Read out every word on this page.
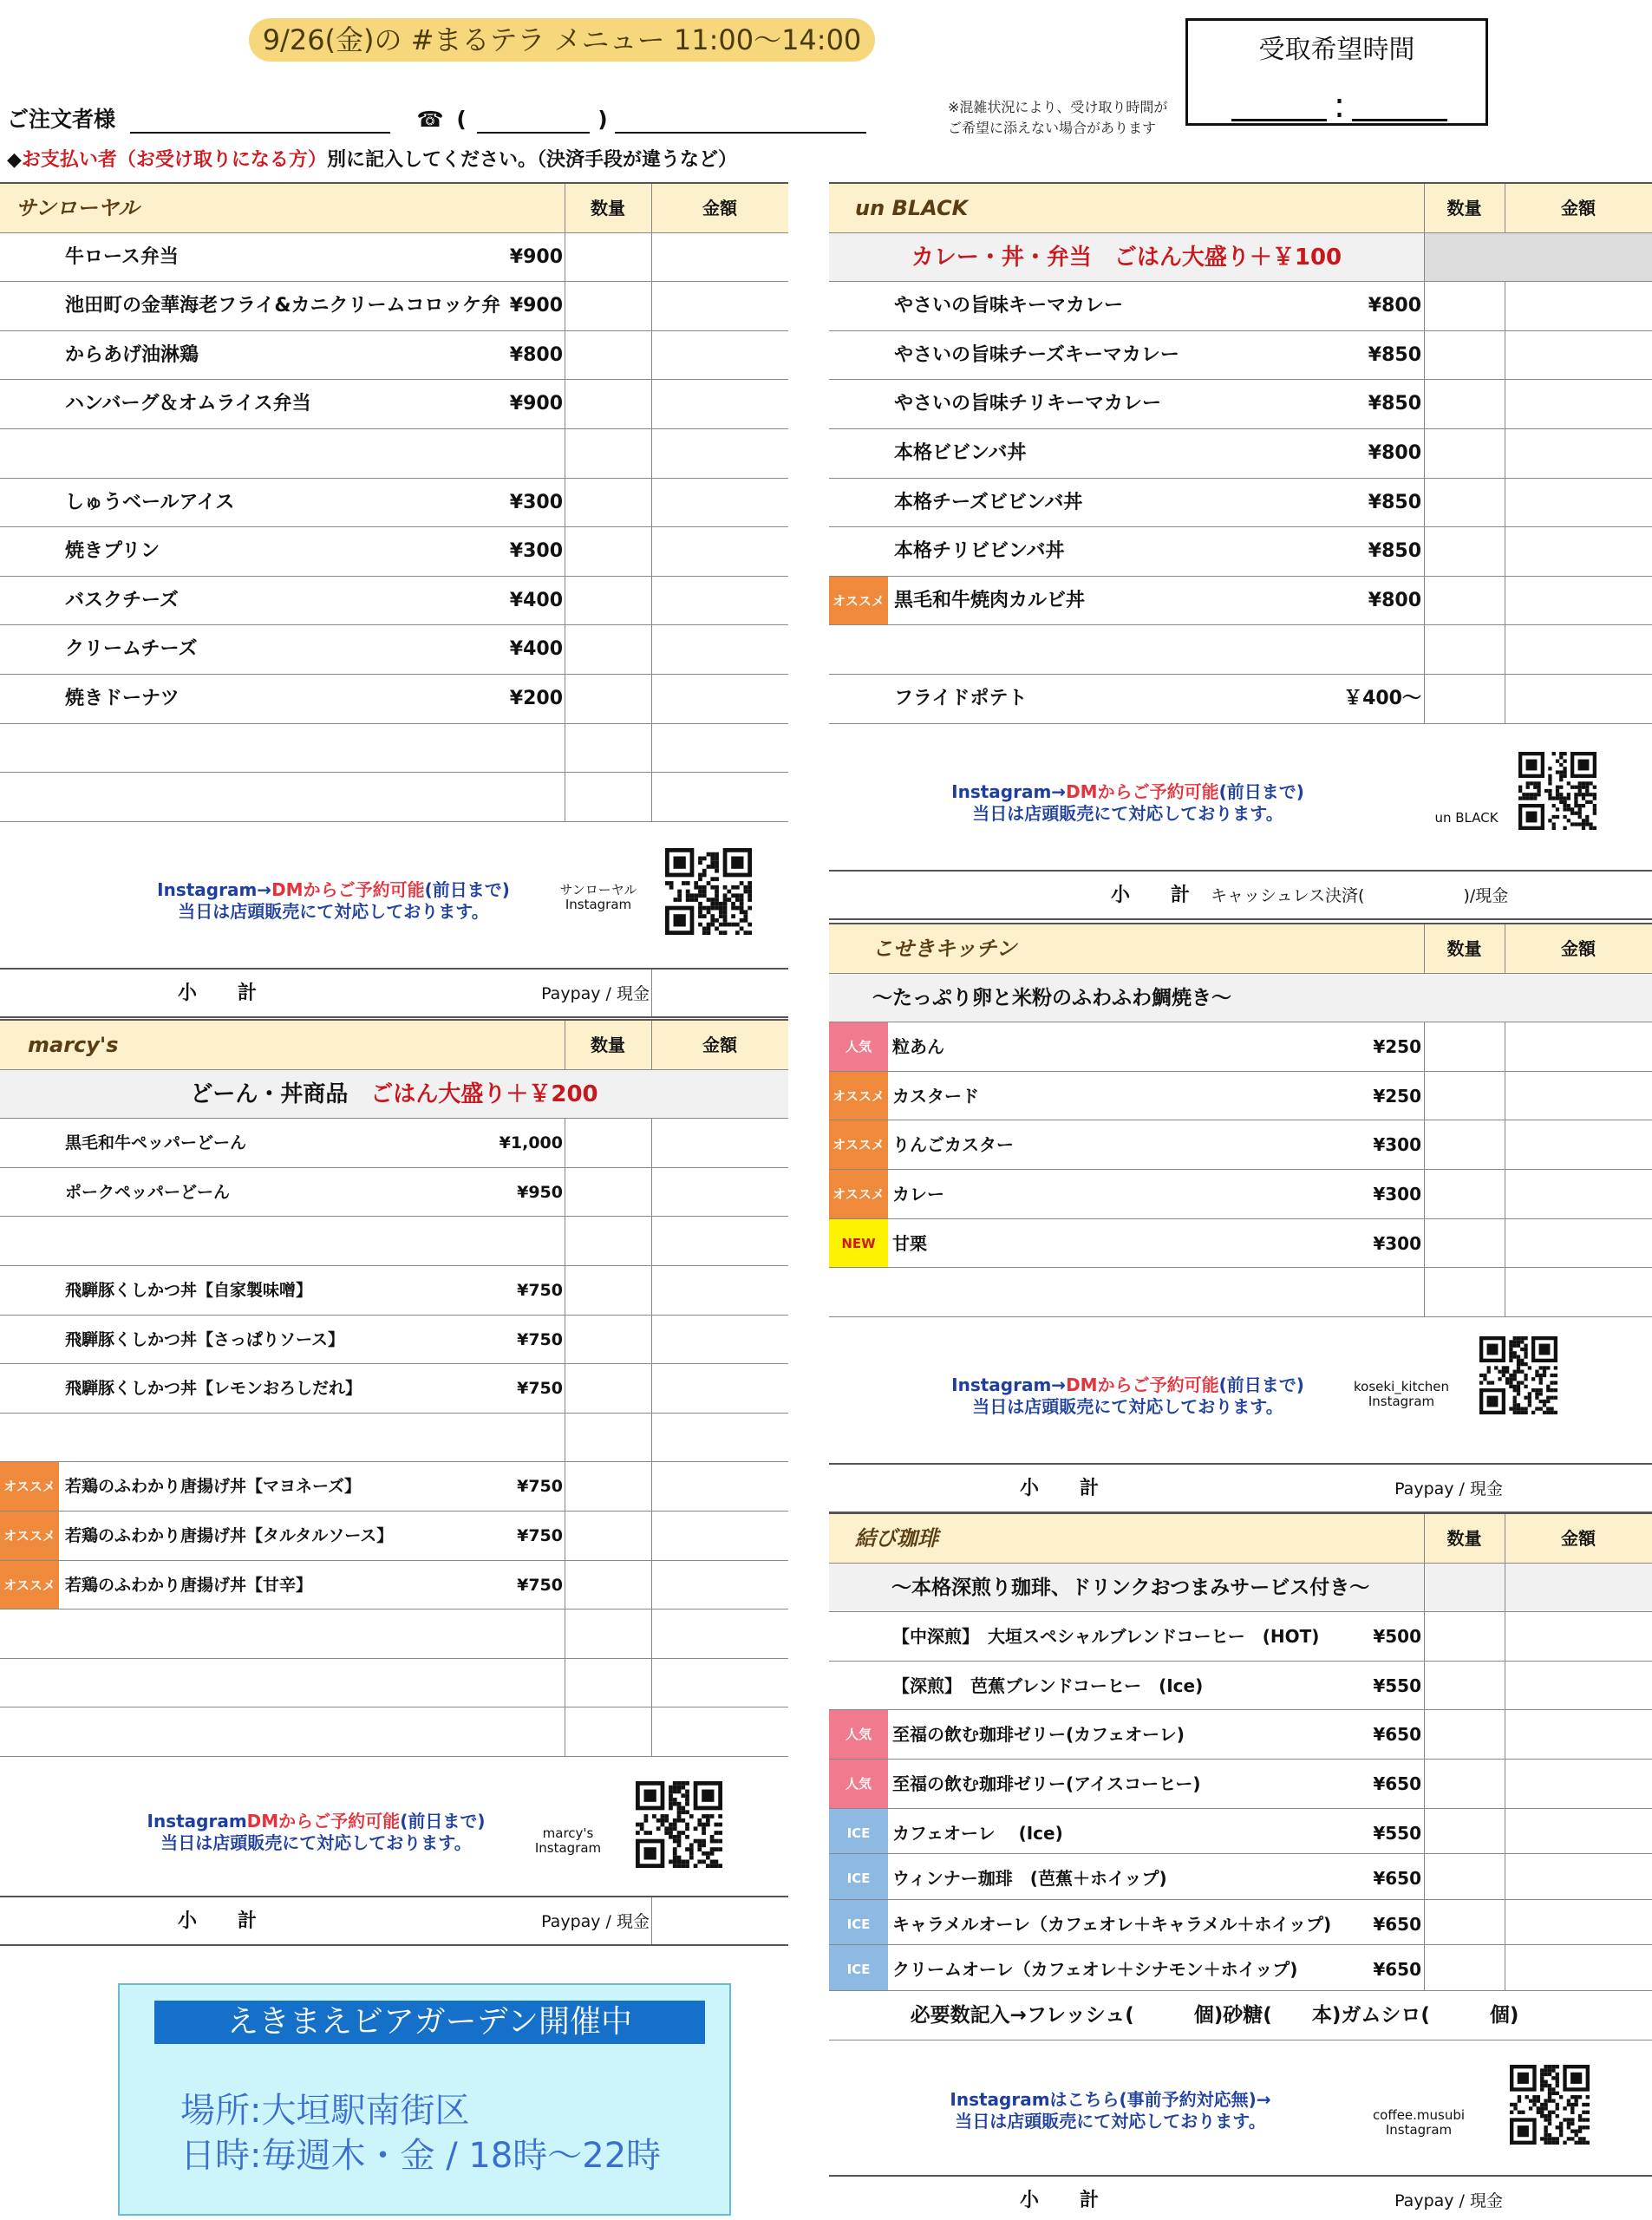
9/26(金)の #まるテラ メニュー 11:00〜14:00	受取希望時間
:
※混雑状況により、受け取り時間が
ご希望に添えない場合があります
ご注文者様	☎ (	)
◆お支払い者（お受け取りになる方）別に記入してください。（決済手段が違うなど）
サンローヤル	数量	金額
牛ロース弁当	¥900
池田町の金華海老フライ&カニクリームコロッケ弁 ¥900
からあげ油淋鶏	¥800
ハンバーグ＆オムライス弁当	¥900
しゅうベールアイス	¥300
焼きプリン	¥300
バスクチーズ	¥400
クリームチーズ	¥400
焼きドーナツ	¥200
Instagram→DMからご予約可能(前日まで)
当日は店頭販売にて対応しております。
サンローヤル
Instagram
小　　計	Paypay / 現金
marcy's	数量	金額
どーん・丼商品　ごはん大盛り＋￥200
黒毛和牛ペッパーどーん	¥1,000
ポークペッパーどーん	¥950
飛騨豚くしかつ丼【自家製味噌】	¥750
飛騨豚くしかつ丼【さっぱりソース】	¥750
飛騨豚くしかつ丼【レモンおろしだれ】	¥750
オススメ 若鶏のふわかり唐揚げ丼【マヨネーズ】	¥750
オススメ 若鶏のふわかり唐揚げ丼【タルタルソース】	¥750
オススメ 若鶏のふわかり唐揚げ丼【甘辛】	¥750
InstagramDMからご予約可能(前日まで)
当日は店頭販売にて対応しております。	marcy's
Instagram
小　　計	Paypay / 現金
un BLACK	数量	金額
カレー・丼・弁当　ごはん大盛り＋￥100
やさいの旨味キーマカレー	¥800
やさいの旨味チーズキーマカレー	¥850
やさいの旨味チリキーマカレー	¥850
本格ビビンバ丼	¥800
本格チーズビビンバ丼	¥850
本格チリビビンバ丼	¥850
オススメ 黒毛和牛焼肉カルビ丼	¥800
フライドポテト	￥400〜
Instagram→DMからご予約可能(前日まで)
当日は店頭販売にて対応しております。	un BLACK
小　　計 キャッシュレス決済(　　　　　　)/現金
こせきキッチン	数量	金額
〜たっぷり卵と米粉のふわふわ鯛焼き〜
人気	粒あん	¥250
オススメ カスタード	¥250
オススメ りんごカスター	¥300
オススメ カレー	¥300
NEW 甘栗	¥300
Instagram→DMからご予約可能(前日まで)
当日は店頭販売にて対応しております。
koseki_kitchen
Instagram
小　　計	Paypay / 現金
結び珈琲	数量	金額
〜本格深煎り珈琲、ドリンクおつまみサービス付き〜
【中深煎】　大垣スペシャルブレンドコーヒー　(HOT)	¥500
【深煎】　芭蕉ブレンドコーヒー　(Ice)	¥550
人気	至福の飲む珈琲ゼリー(カフェオーレ)	¥650
人気	至福の飲む珈琲ゼリー(アイスコーヒー)	¥650
ICE	カフェオーレ　 (Ice)	¥550
ICE	ウィンナー珈琲　(芭蕉＋ホイップ)	¥650
ICE	キャラメルオーレ（カフェオレ＋キャラメル＋ホイップ) ¥650
ICE	クリームオーレ（カフェオレ＋シナモン＋ホイップ)	¥650
必要数記入→フレッシュ(　　　個)砂糖(　　本)ガムシロ(　　　個)
Instagramはこちら(事前予約対応無)→
当日は店頭販売にて対応しております。	coffee.musubi
Instagram
小　　計	Paypay / 現金
えきまえビアガーデン開催中
場所:大垣駅南街区
日時:毎週木・金 / 18時〜22時
